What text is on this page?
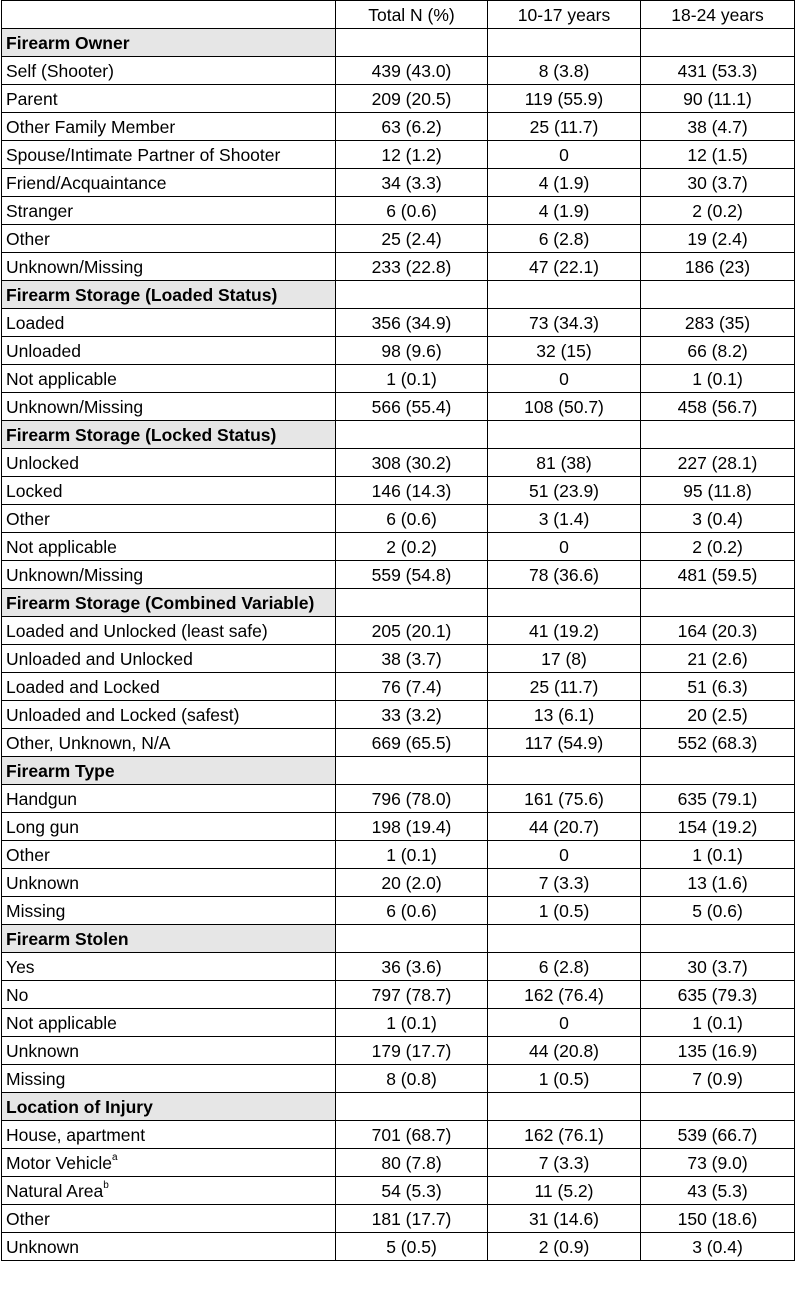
	Total N (%)	10-17 years	18-24 years
Firearm Owner			
Self (Shooter)	439 (43.0)	8 (3.8)	431 (53.3)
Parent	209 (20.5)	119 (55.9)	90 (11.1)
Other Family Member	63 (6.2)	25 (11.7)	38 (4.7)
Spouse/Intimate Partner of Shooter	12 (1.2)	0	12 (1.5)
Friend/Acquaintance	34 (3.3)	4 (1.9)	30 (3.7)
Stranger	6 (0.6)	4 (1.9)	2 (0.2)
Other	25 (2.4)	6 (2.8)	19 (2.4)
Unknown/Missing	233 (22.8)	47 (22.1)	186 (23)
Firearm Storage (Loaded Status)			
Loaded	356 (34.9)	73 (34.3)	283 (35)
Unloaded	98 (9.6)	32 (15)	66 (8.2)
Not applicable	1 (0.1)	0	1 (0.1)
Unknown/Missing	566 (55.4)	108 (50.7)	458 (56.7)
Firearm Storage (Locked Status)			
Unlocked	308 (30.2)	81 (38)	227 (28.1)
Locked	146 (14.3)	51 (23.9)	95 (11.8)
Other	6 (0.6)	3 (1.4)	3 (0.4)
Not applicable	2 (0.2)	0	2 (0.2)
Unknown/Missing	559 (54.8)	78 (36.6)	481 (59.5)
Firearm Storage (Combined Variable)			
Loaded and Unlocked (least safe)	205 (20.1)	41 (19.2)	164 (20.3)
Unloaded and Unlocked	38 (3.7)	17 (8)	21 (2.6)
Loaded and Locked	76 (7.4)	25 (11.7)	51 (6.3)
Unloaded and Locked (safest)	33 (3.2)	13 (6.1)	20 (2.5)
Other, Unknown, N/A	669 (65.5)	117 (54.9)	552 (68.3)
Firearm Type			
Handgun	796 (78.0)	161 (75.6)	635 (79.1)
Long gun	198 (19.4)	44 (20.7)	154 (19.2)
Other	1 (0.1)	0	1 (0.1)
Unknown	20 (2.0)	7 (3.3)	13 (1.6)
Missing	6 (0.6)	1 (0.5)	5 (0.6)
Firearm Stolen			
Yes	36 (3.6)	6 (2.8)	30 (3.7)
No	797 (78.7)	162 (76.4)	635 (79.3)
Not applicable	1 (0.1)	0	1 (0.1)
Unknown	179 (17.7)	44 (20.8)	135 (16.9)
Missing	8 (0.8)	1 (0.5)	7 (0.9)
Location of Injury			
House, apartment	701 (68.7)	162 (76.1)	539 (66.7)
Motor Vehicle$^a$	80 (7.8)	7 (3.3)	73 (9.0)
Natural Area$^b$	54 (5.3)	11 (5.2)	43 (5.3)
Other	181 (17.7)	31 (14.6)	150 (18.6)
Unknown	5 (0.5)	2 (0.9)	3 (0.4)
